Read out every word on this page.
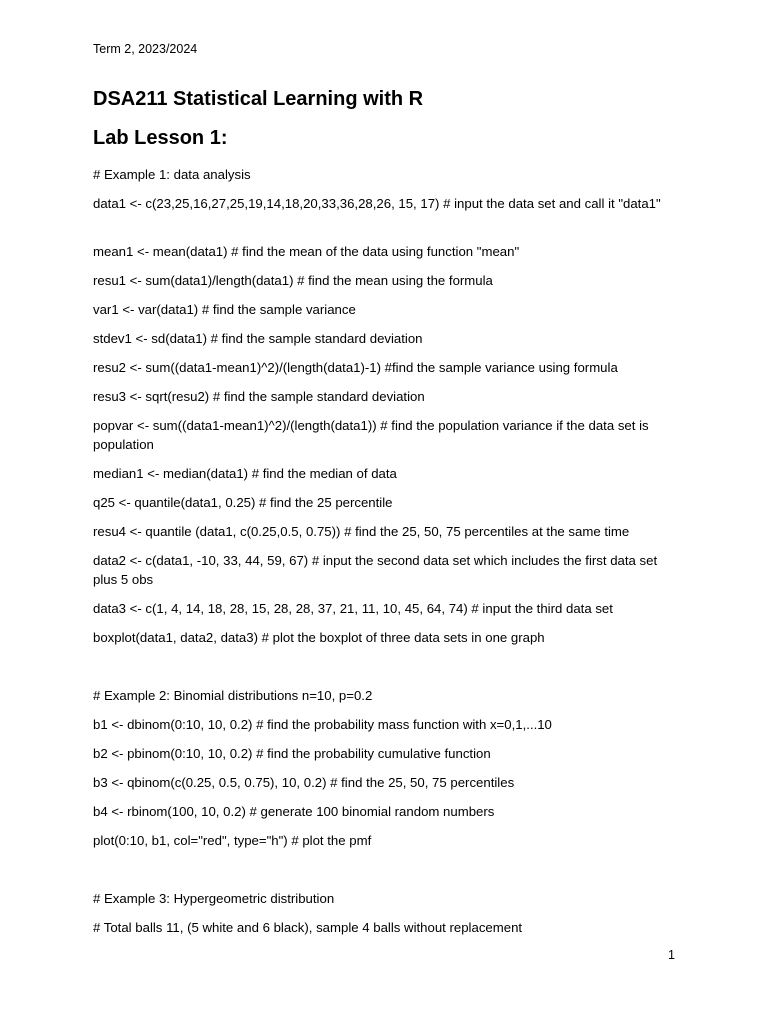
Term 2, 2023/2024
DSA211 Statistical Learning with R
Lab Lesson 1:
# Example 1: data analysis
data1 <- c(23,25,16,27,25,19,14,18,20,33,36,28,26, 15, 17) # input the data set and call it "data1"
mean1 <- mean(data1) # find the mean of the data using function "mean"
resu1 <- sum(data1)/length(data1) # find the mean using the formula
var1 <- var(data1) # find the sample variance
stdev1 <- sd(data1) # find the sample standard deviation
resu2 <- sum((data1-mean1)^2)/(length(data1)-1) #find the sample variance using formula
resu3 <- sqrt(resu2) # find the sample standard deviation
popvar <- sum((data1-mean1)^2)/(length(data1)) # find the population variance if the data set is population
median1 <- median(data1) # find the median of data
q25 <- quantile(data1, 0.25) # find the 25 percentile
resu4 <- quantile (data1, c(0.25,0.5, 0.75)) # find the 25, 50, 75 percentiles at the same time
data2 <- c(data1, -10, 33, 44, 59, 67) # input the second data set which includes the first data set plus 5 obs
data3 <- c(1, 4, 14, 18, 28, 15, 28, 28, 37, 21, 11, 10, 45, 64, 74) # input the third data set
boxplot(data1, data2, data3) # plot the boxplot of three data sets in one graph
# Example 2: Binomial distributions n=10, p=0.2
b1 <- dbinom(0:10, 10, 0.2) # find the probability mass function with x=0,1,...10
b2 <- pbinom(0:10, 10, 0.2) # find the probability cumulative function
b3 <- qbinom(c(0.25, 0.5, 0.75), 10, 0.2) # find the 25, 50, 75 percentiles
b4 <- rbinom(100, 10, 0.2) # generate 100 binomial random numbers
plot(0:10, b1, col="red", type="h") # plot the pmf
# Example 3: Hypergeometric distribution
# Total balls 11, (5 white and 6 black), sample 4 balls without replacement
1
